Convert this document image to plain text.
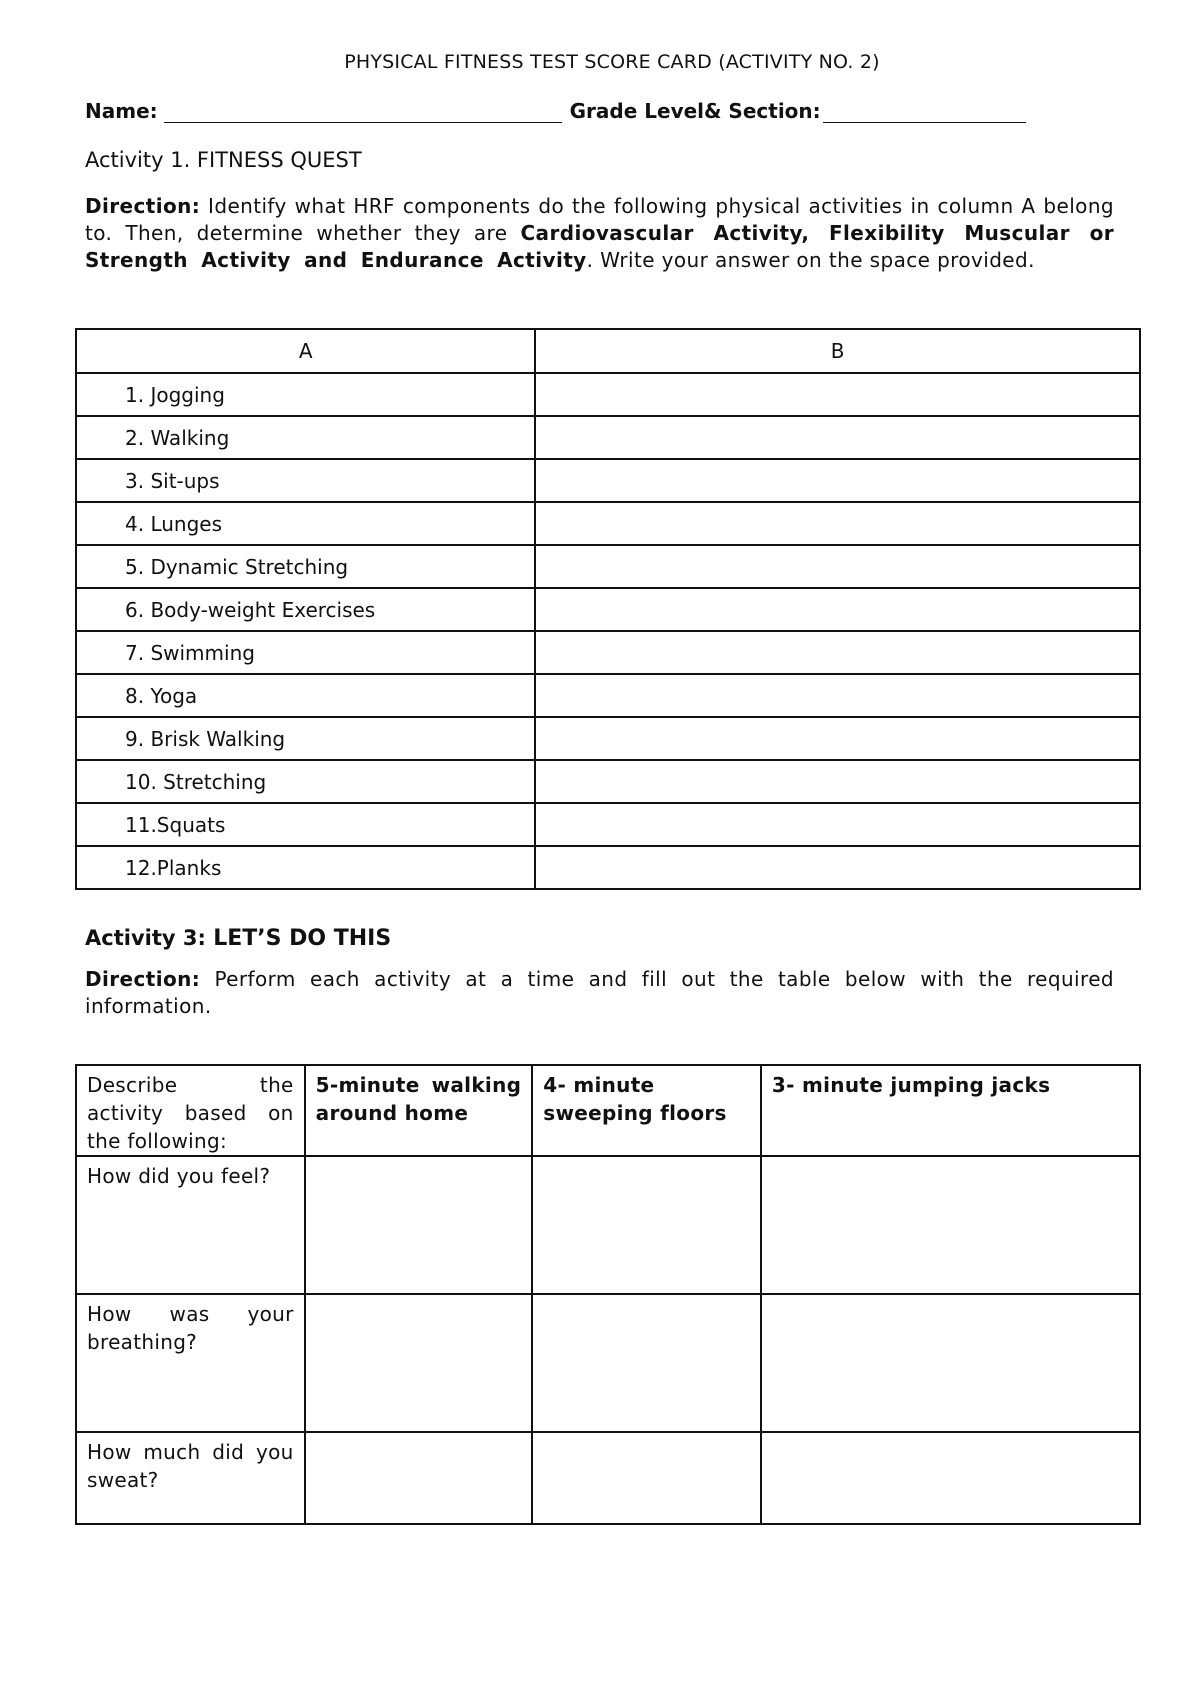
PHYSICAL FITNESS TEST SCORE CARD (ACTIVITY NO. 2)
Name:	Grade Level& Section:
Activity 1. FITNESS QUEST
Direction: Identify what HRF components do the following physical activities in column A belong to. Then, determine whether they are Cardiovascular Activity, Flexibility Muscular or Strength Activity and Endurance Activity. Write your answer on the space provided.
A	B
1. Jogging	
2. Walking	
3. Sit-ups	
4. Lunges	
5. Dynamic Stretching	
6. Body-weight Exercises	
7. Swimming	
8. Yoga	
9. Brisk Walking	
10. Stretching	
11.Squats	
12.Planks	
Activity 3: LET’S DO THIS
Direction: Perform each activity at a time and fill out the table below with the required information.
Describe the activity based on the following:	5-minute walking around home	4- minute sweeping floors	3- minute jumping jacks
How did you feel?			
How was your breathing?			
How much did you sweat?			
